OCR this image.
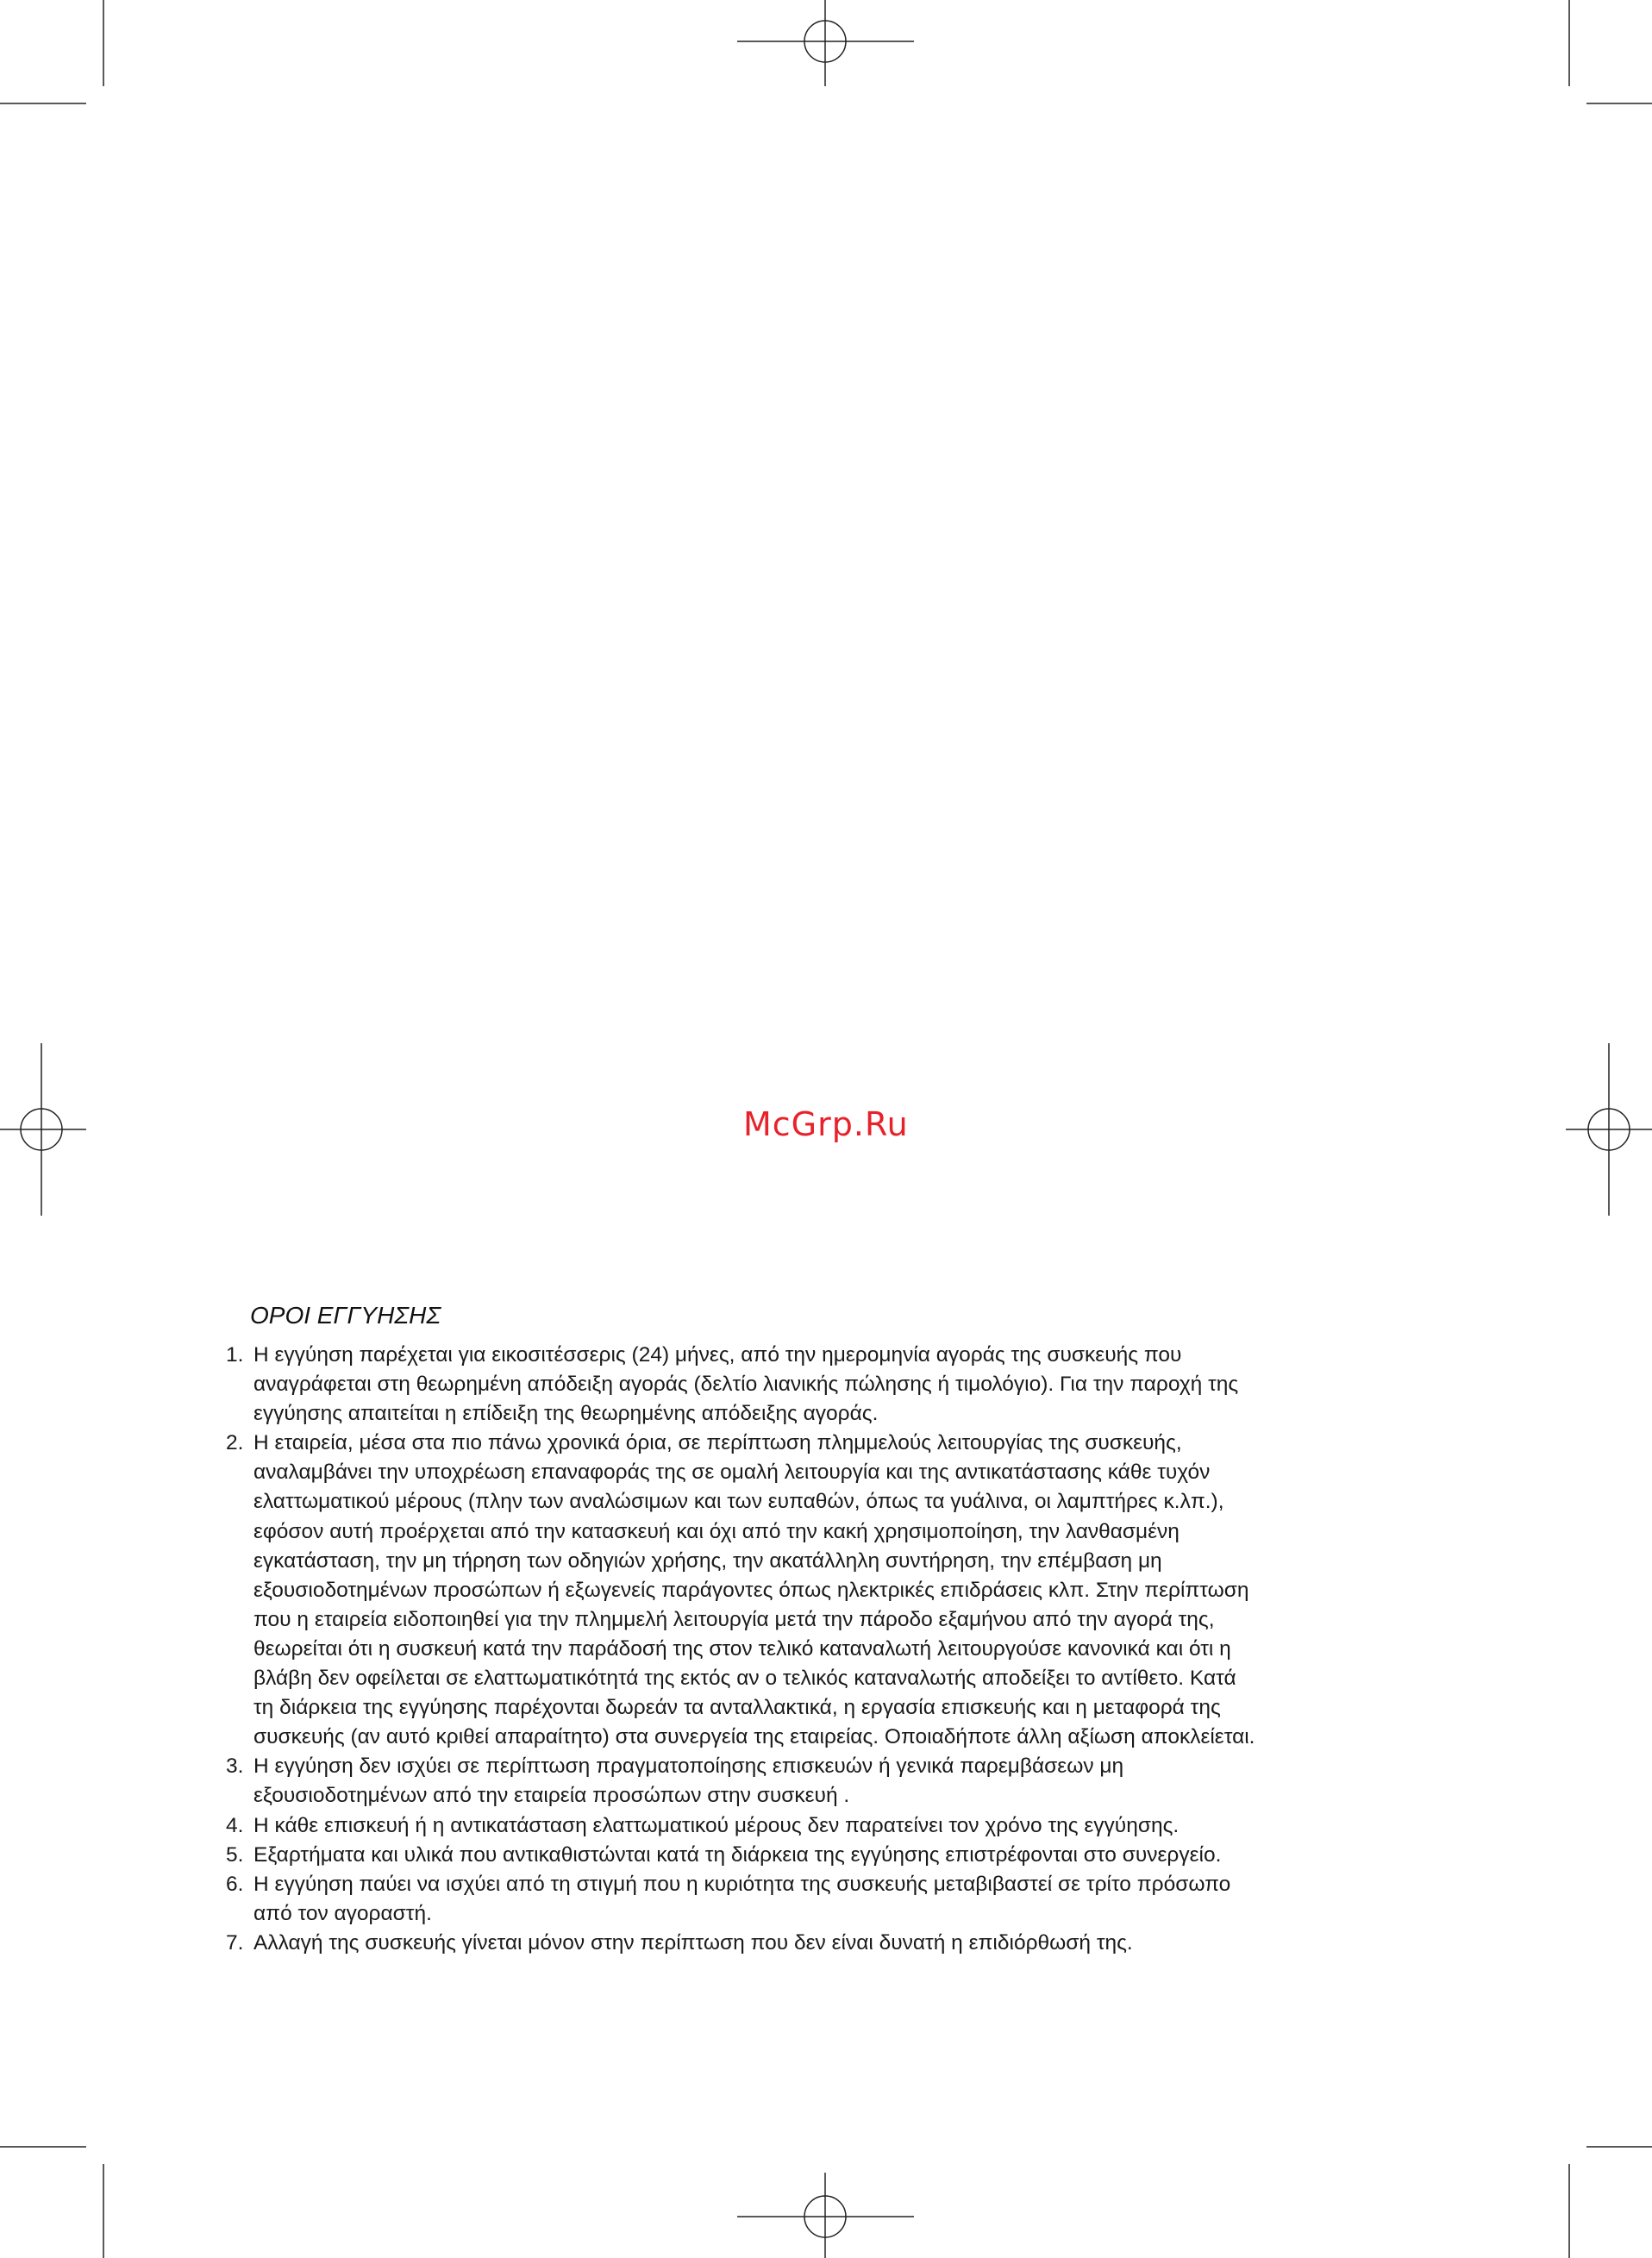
McGrp.Ru
ΟΡΟΙ ΕΓΓΥΗΣΗΣ
1. Η εγγύηση παρέχεται για εικοσιτέσσερις (24) μήνες, από την ημερομηνία αγοράς της συσκευής που αναγράφεται στη θεωρημένη απόδειξη αγοράς (δελτίο λιανικής πώλησης ή τιμολόγιο). Για την παροχή της εγγύησης απαιτείται η επίδειξη της θεωρημένης απόδειξης αγοράς.
2. Η εταιρεία, μέσα στα πιο πάνω χρονικά όρια, σε περίπτωση πλημμελούς λειτουργίας της συσκευής, αναλαμβάνει την υποχρέωση επαναφοράς της σε ομαλή λειτουργία και της αντικατάστασης κάθε τυχόν ελαττωματικού μέρους (πλην των αναλώσιμων και των ευπαθών, όπως τα γυάλινα, οι λαμπτήρες κ.λπ.), εφόσον αυτή προέρχεται από την κατασκευή και όχι από την κακή χρησιμοποίηση, την λανθασμένη εγκατάσταση, την μη τήρηση των οδηγιών χρήσης, την ακατάλληλη συντήρηση, την επέμβαση μη εξουσιοδοτημένων προσώπων ή εξωγενείς παράγοντες όπως ηλεκτρικές επιδράσεις κλπ. Στην περίπτωση που η εταιρεία ειδοποιηθεί για την πλημμελή λειτουργία μετά την πάροδο εξαμήνου από την αγορά της, θεωρείται ότι η συσκευή κατά την παράδοσή της στον τελικό καταναλωτή λειτουργούσε κανονικά και ότι η βλάβη δεν οφείλεται σε ελαττωματικότητά της εκτός αν ο τελικός καταναλωτής αποδείξει το αντίθετο. Κατά τη διάρκεια της εγγύησης παρέχονται δωρεάν τα ανταλλακτικά, η εργασία επισκευής και η μεταφορά της συσκευής (αν αυτό κριθεί απαραίτητο) στα συνεργεία της εταιρείας. Οποιαδήποτε άλλη αξίωση αποκλείεται.
3. Η εγγύηση δεν ισχύει σε περίπτωση πραγματοποίησης επισκευών ή γενικά παρεμβάσεων μη εξουσιοδοτημένων από την εταιρεία προσώπων στην συσκευή .
4. Η κάθε επισκευή ή η αντικατάσταση ελαττωματικού μέρους δεν παρατείνει τον χρόνο της εγγύησης.
5. Εξαρτήματα και υλικά που αντικαθιστώνται κατά τη διάρκεια της εγγύησης επιστρέφονται στο συνεργείο.
6. Η εγγύηση παύει να ισχύει από τη στιγμή που η κυριότητα της συσκευής μεταβιβαστεί σε τρίτο πρόσωπο από τον αγοραστή.
7. Αλλαγή της συσκευής γίνεται μόνον στην περίπτωση που δεν είναι δυνατή η επιδιόρθωσή της.
